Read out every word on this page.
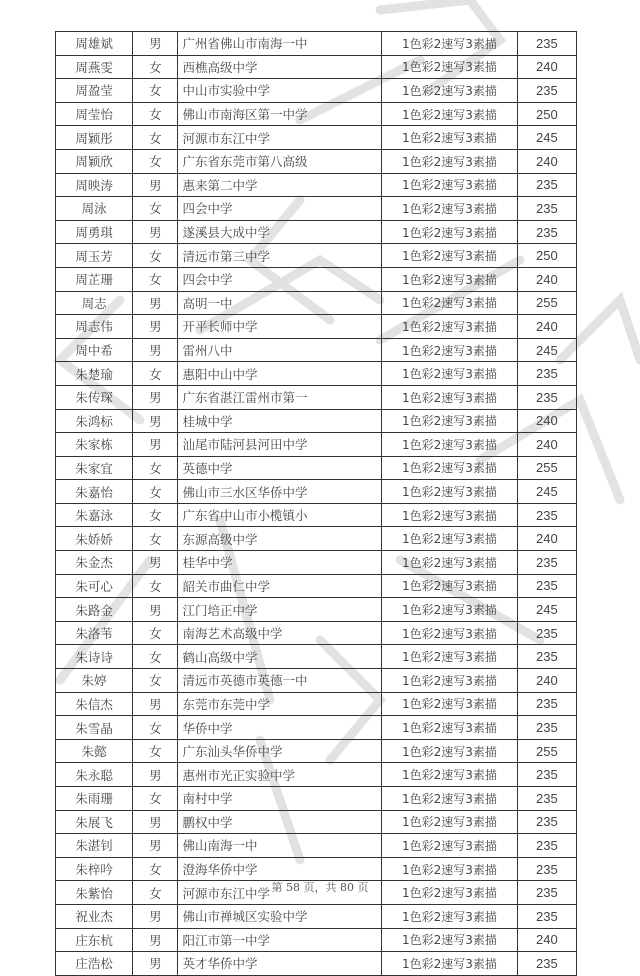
周雄斌	男	广州省佛山市南海一中	1色彩2速写3素描	235
周燕雯	女	西樵高级中学	1色彩2速写3素描	240
周盈莹	女	中山市实验中学	1色彩2速写3素描	235
周莹怡	女	佛山市南海区第一中学	1色彩2速写3素描	250
周颖彤	女	河源市东江中学	1色彩2速写3素描	245
周颖欣	女	广东省东莞市第八高级	1色彩2速写3素描	240
周映涛	男	惠来第二中学	1色彩2速写3素描	235
周泳	女	四会中学	1色彩2速写3素描	235
周勇琪	男	遂溪县大成中学	1色彩2速写3素描	235
周玉芳	女	清远市第三中学	1色彩2速写3素描	250
周芷珊	女	四会中学	1色彩2速写3素描	240
周志	男	高明一中	1色彩2速写3素描	255
周志伟	男	开平长师中学	1色彩2速写3素描	240
周中希	男	雷州八中	1色彩2速写3素描	245
朱楚瑜	女	惠阳中山中学	1色彩2速写3素描	235
朱传琛	男	广东省湛江雷州市第一	1色彩2速写3素描	235
朱鸿标	男	桂城中学	1色彩2速写3素描	240
朱家栋	男	汕尾市陆河县河田中学	1色彩2速写3素描	240
朱家宜	女	英德中学	1色彩2速写3素描	255
朱嘉怡	女	佛山市三水区华侨中学	1色彩2速写3素描	245
朱嘉泳	女	广东省中山市小榄镇小	1色彩2速写3素描	235
朱娇娇	女	东源高级中学	1色彩2速写3素描	240
朱金杰	男	桂华中学	1色彩2速写3素描	235
朱可心	女	韶关市曲仁中学	1色彩2速写3素描	235
朱路金	男	江门培正中学	1色彩2速写3素描	245
朱洛苇	女	南海艺术高级中学	1色彩2速写3素描	235
朱诗诗	女	鹤山高级中学	1色彩2速写3素描	235
朱婷	女	清远市英德市英德一中	1色彩2速写3素描	240
朱信杰	男	东莞市东莞中学	1色彩2速写3素描	235
朱雪晶	女	华侨中学	1色彩2速写3素描	235
朱懿	女	广东汕头华侨中学	1色彩2速写3素描	255
朱永聪	男	惠州市光正实验中学	1色彩2速写3素描	235
朱雨珊	女	南村中学	1色彩2速写3素描	235
朱展飞	男	鹏权中学	1色彩2速写3素描	235
朱湛钊	男	佛山南海一中	1色彩2速写3素描	235
朱梓吟	女	澄海华侨中学	1色彩2速写3素描	235
朱紫怡	女	河源市东江中学	1色彩2速写3素描	235
祝业杰	男	佛山市禅城区实验中学	1色彩2速写3素描	235
庄东杭	男	阳江市第一中学	1色彩2速写3素描	240
庄浩松	男	英才华侨中学	1色彩2速写3素描	235
第 58 页，共 80 页
